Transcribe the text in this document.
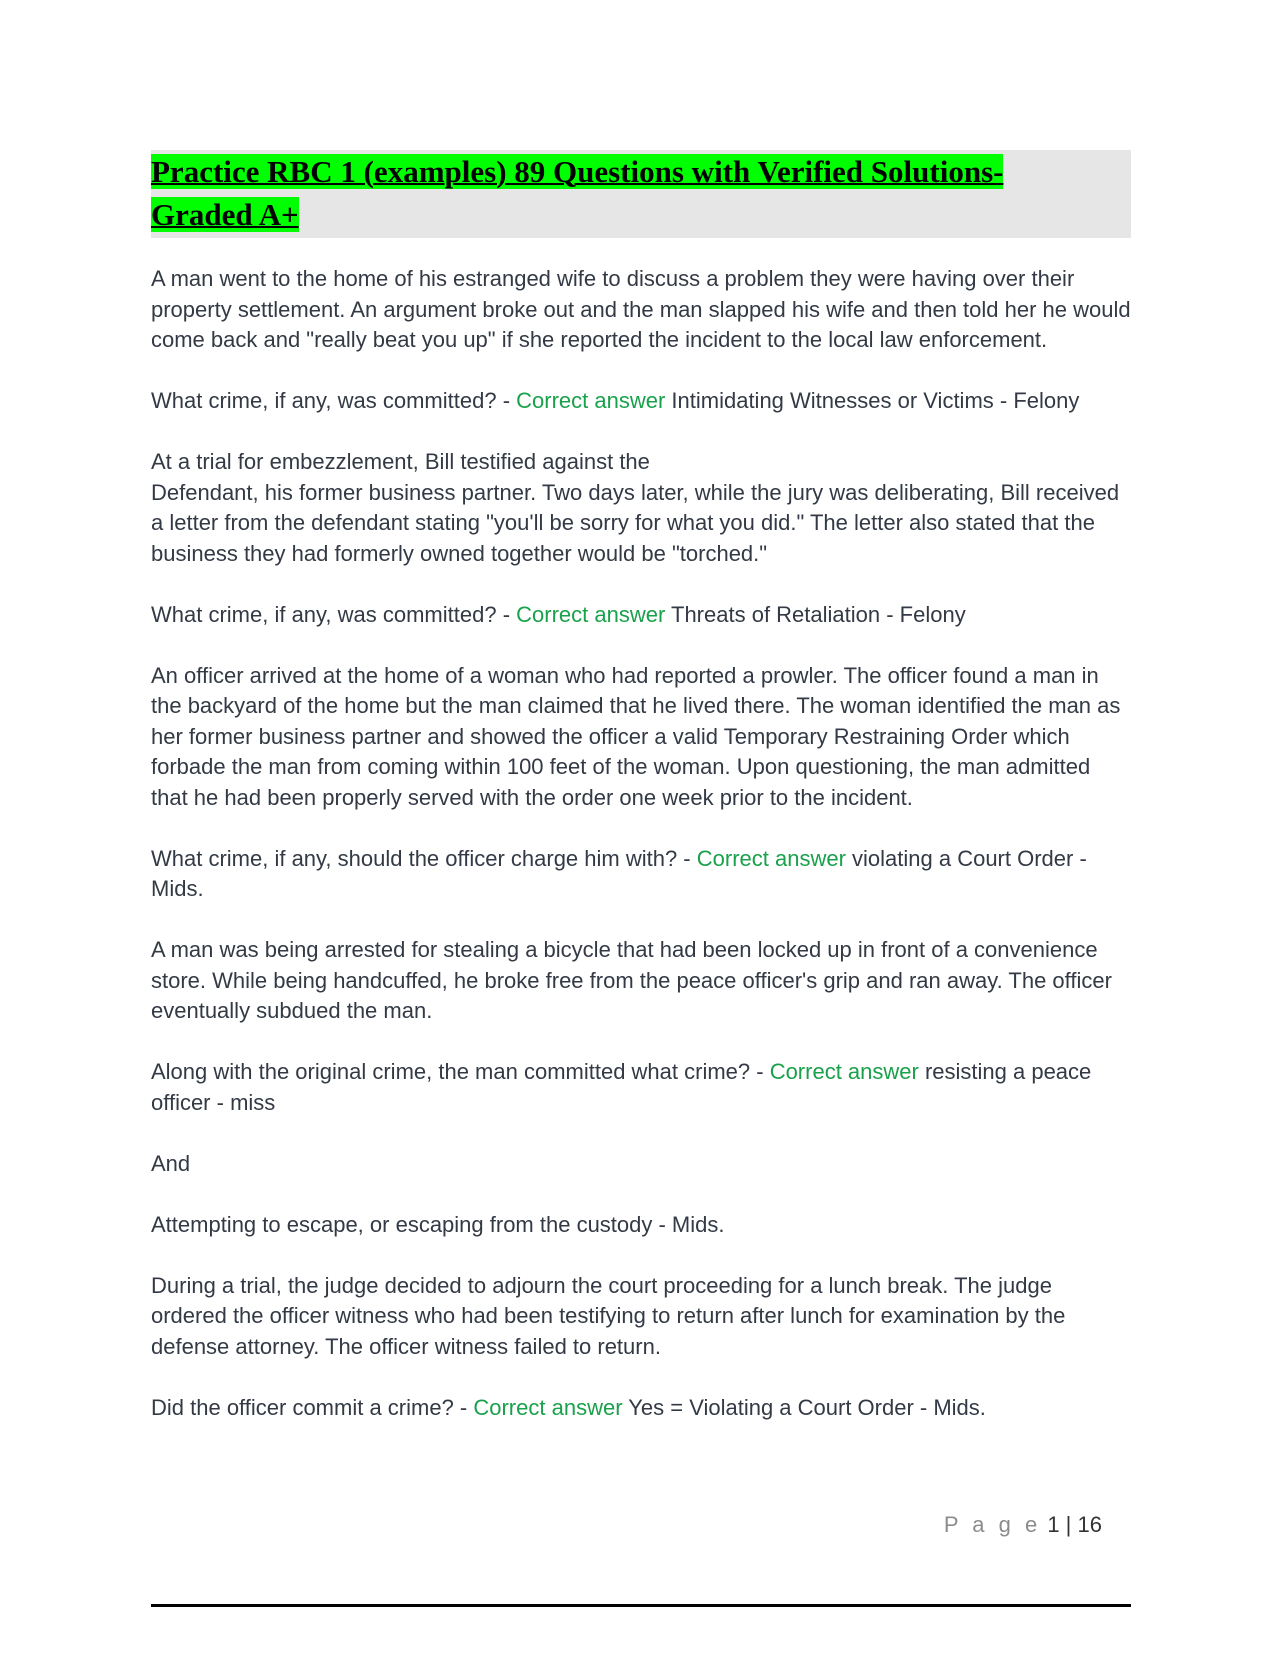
Practice RBC 1 (examples) 89 Questions with Verified Solutions-
Graded A+

A man went to the home of his estranged wife to discuss a problem they were having over their property settlement. An argument broke out and the man slapped his wife and then told her he would come back and "really beat you up" if she reported the incident to the local law enforcement.

What crime, if any, was committed? - Correct answer Intimidating Witnesses or Victims - Felony

At a trial for embezzlement, Bill testified against the
Defendant, his former business partner. Two days later, while the jury was deliberating, Bill received a letter from the defendant stating "you'll be sorry for what you did." The letter also stated that the business they had formerly owned together would be "torched."

What crime, if any, was committed? - Correct answer Threats of Retaliation - Felony

An officer arrived at the home of a woman who had reported a prowler. The officer found a man in the backyard of the home but the man claimed that he lived there. The woman identified the man as her former business partner and showed the officer a valid Temporary Restraining Order which forbade the man from coming within 100 feet of the woman. Upon questioning, the man admitted that he had been properly served with the order one week prior to the incident.

What crime, if any, should the officer charge him with? - Correct answer violating a Court Order - Mids.

A man was being arrested for stealing a bicycle that had been locked up in front of a convenience store. While being handcuffed, he broke free from the peace officer's grip and ran away. The officer eventually subdued the man.

Along with the original crime, the man committed what crime? - Correct answer resisting a peace officer - miss

And

Attempting to escape, or escaping from the custody - Mids.

During a trial, the judge decided to adjourn the court proceeding for a lunch break. The judge ordered the officer witness who had been testifying to return after lunch for examination by the defense attorney. The officer witness failed to return.

Did the officer commit a crime? - Correct answer Yes = Violating a Court Order - Mids.

P a g e 1 | 16
